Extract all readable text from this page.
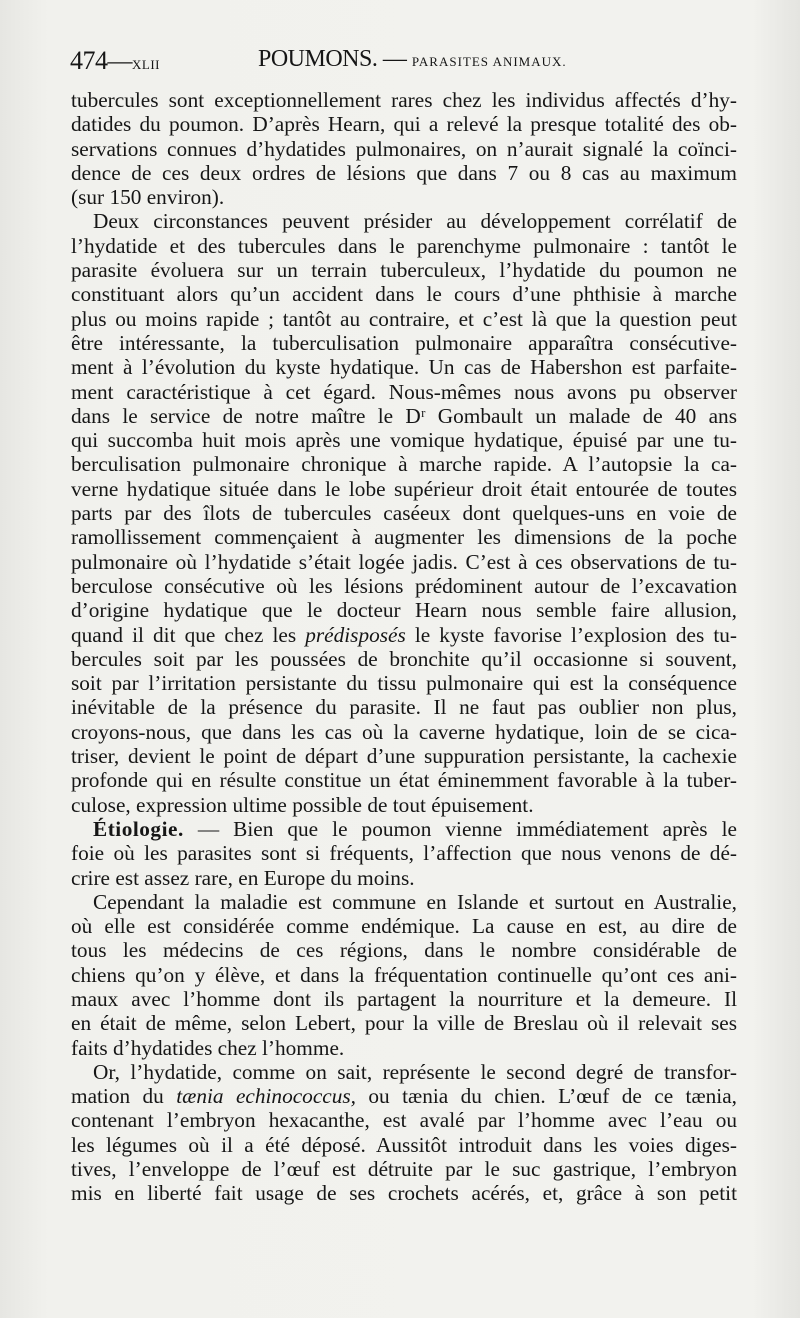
474—XLII	POUMONS. — PARASITES ANIMAUX.
tubercules sont exceptionnellement rares chez les individus affectés d’hy-
datides du poumon. D’après Hearn, qui a relevé la presque totalité des ob-
servations connues d’hydatides pulmonaires, on n’aurait signalé la coïnci-
dence de ces deux ordres de lésions que dans 7 ou 8 cas au maximum
(sur 150 environ).
Deux circonstances peuvent présider au développement corrélatif de
l’hydatide et des tubercules dans le parenchyme pulmonaire : tantôt le
parasite évoluera sur un terrain tuberculeux, l’hydatide du poumon ne
constituant alors qu’un accident dans le cours d’une phthisie à marche
plus ou moins rapide ; tantôt au contraire, et c’est là que la question peut
être intéressante, la tuberculisation pulmonaire apparaîtra consécutive-
ment à l’évolution du kyste hydatique. Un cas de Habershon est parfaite-
ment caractéristique à cet égard. Nous-mêmes nous avons pu observer
dans le service de notre maître le Dʳ Gombault un malade de 40 ans
qui succomba huit mois après une vomique hydatique, épuisé par une tu-
berculisation pulmonaire chronique à marche rapide. A l’autopsie la ca-
verne hydatique située dans le lobe supérieur droit était entourée de toutes
parts par des îlots de tubercules caséeux dont quelques-uns en voie de
ramollissement commençaient à augmenter les dimensions de la poche
pulmonaire où l’hydatide s’était logée jadis. C’est à ces observations de tu-
berculose consécutive où les lésions prédominent autour de l’excavation
d’origine hydatique que le docteur Hearn nous semble faire allusion,
quand il dit que chez les prédisposés le kyste favorise l’explosion des tu-
bercules soit par les poussées de bronchite qu’il occasionne si souvent,
soit par l’irritation persistante du tissu pulmonaire qui est la conséquence
inévitable de la présence du parasite. Il ne faut pas oublier non plus,
croyons-nous, que dans les cas où la caverne hydatique, loin de se cica-
triser, devient le point de départ d’une suppuration persistante, la cachexie
profonde qui en résulte constitue un état éminemment favorable à la tuber-
culose, expression ultime possible de tout épuisement.
Étiologie. — Bien que le poumon vienne immédiatement après le
foie où les parasites sont si fréquents, l’affection que nous venons de dé-
crire est assez rare, en Europe du moins.
Cependant la maladie est commune en Islande et surtout en Australie,
où elle est considérée comme endémique. La cause en est, au dire de
tous les médecins de ces régions, dans le nombre considérable de
chiens qu’on y élève, et dans la fréquentation continuelle qu’ont ces ani-
maux avec l’homme dont ils partagent la nourriture et la demeure. Il
en était de même, selon Lebert, pour la ville de Breslau où il relevait ses
faits d’hydatides chez l’homme.
Or, l’hydatide, comme on sait, représente le second degré de transfor-
mation du tænia echinococcus, ou tænia du chien. L’œuf de ce tænia,
contenant l’embryon hexacanthe, est avalé par l’homme avec l’eau ou
les légumes où il a été déposé. Aussitôt introduit dans les voies diges-
tives, l’enveloppe de l’œuf est détruite par le suc gastrique, l’embryon
mis en liberté fait usage de ses crochets acérés, et, grâce à son petit
